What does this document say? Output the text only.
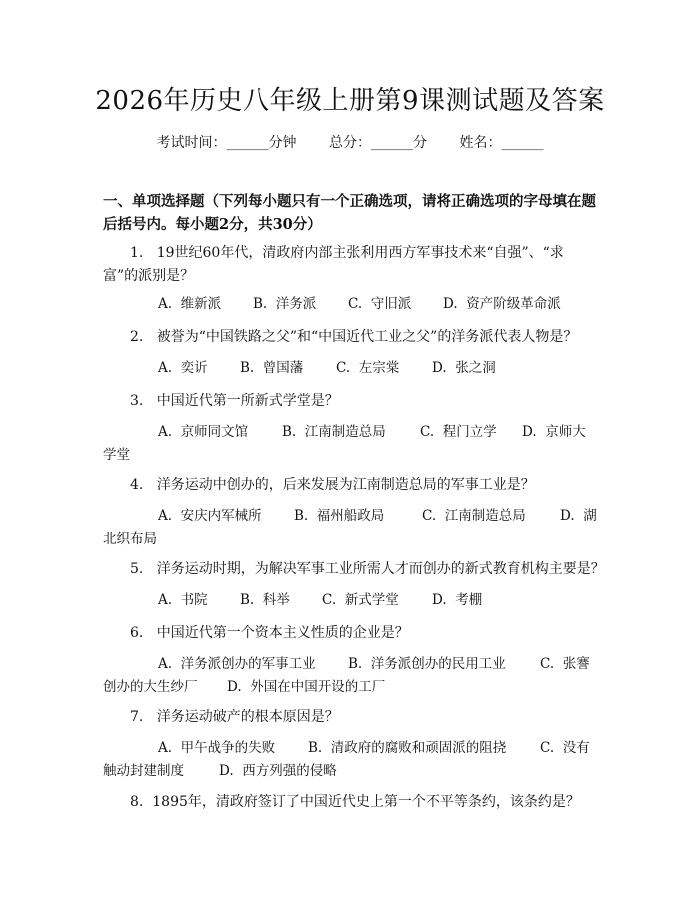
2026年历史八年级上册第9课测试题及答案
考试时间：______分钟 总分：______分 姓名：______
一、单项选择题（下列每小题只有一个正确选项，请将正确选项的字母填在题后括号内。每小题2分，共30分）
1.   19世纪60年代，清政府内部主张利用西方军事技术来“自强”、“求
富”的派别是？
A.  维新派 B.  洋务派 C.  守旧派 D.  资产阶级革命派
2.   被誉为“中国铁路之父”和“中国近代工业之父”的洋务派代表人物是？
A.  奕䜣 B.  曾国藩 C.  左宗棠 D.  张之洞
3.   中国近代第一所新式学堂是？
A.  京师同文馆	B.  江南制造总局	C.  程门立学 D.  京师大
学堂
4.   洋务运动中创办的，后来发展为江南制造总局的军事工业是？
A.  安庆内军械所 B.  福州船政局	C.  江南制造总局	D.  湖
北织布局
5.   洋务运动时期，为解决军事工业所需人才而创办的新式教育机构主要是？
A.  书院 B.  科举 C.  新式学堂 D.  考棚
6.   中国近代第一个资本主义性质的企业是？
A.  洋务派创办的军事工业 B.  洋务派创办的民用工业	C.  张謇
创办的大生纱厂 D.  外国在中国开设的工厂
7.   洋务运动破产的根本原因是？
A.  甲午战争的失败 B.  清政府的腐败和顽固派的阻挠 C.  没有
触动封建制度	D.  西方列强的侵略
8.  1895年，清政府签订了中国近代史上第一个不平等条约，该条约是？
